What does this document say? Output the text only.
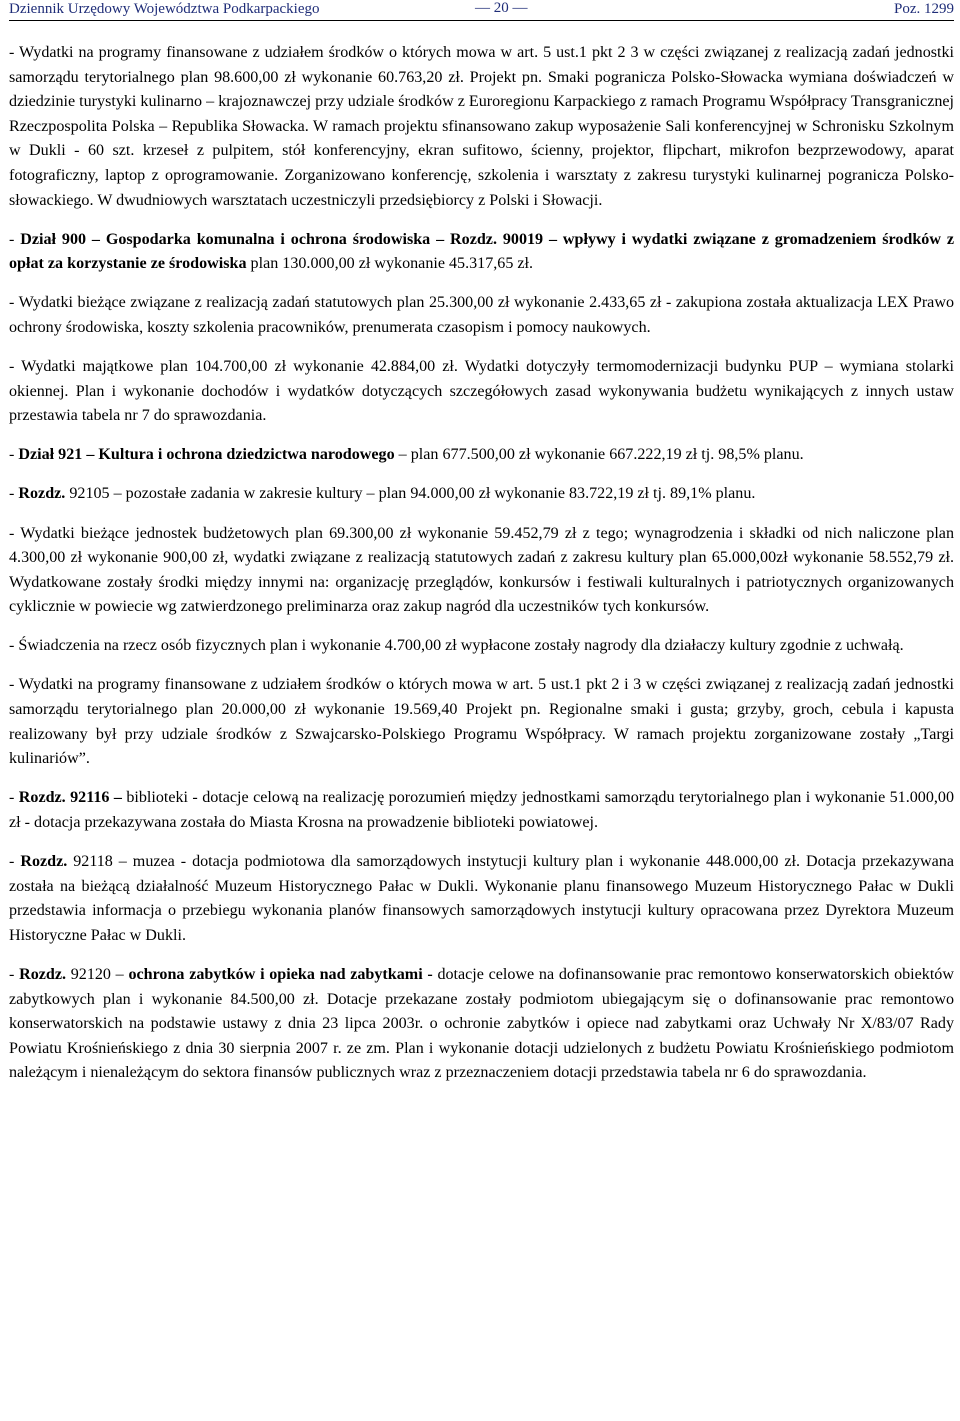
Dziennik Urzędowy Województwa Podkarpackiego	— 20 —	Poz. 1299

- Wydatki na programy finansowane z udziałem środków o których mowa w art. 5 ust.1 pkt 2 3 w części związanej z realizacją zadań jednostki samorządu terytorialnego plan 98.600,00 zł wykonanie 60.763,20 zł. Projekt pn. Smaki pogranicza Polsko-Słowacka wymiana doświadczeń w dziedzinie turystyki kulinarno – krajoznawczej przy udziale środków z Euroregionu Karpackiego z ramach Programu Współpracy Transgranicznej Rzeczpospolita Polska – Republika Słowacka. W ramach projektu sfinansowano zakup wyposażenie Sali konferencyjnej w Schronisku Szkolnym w Dukli - 60 szt. krzeseł z pulpitem, stół konferencyjny, ekran sufitowo, ścienny, projektor, flipchart, mikrofon bezprzewodowy, aparat fotograficzny, laptop z oprogramowanie. Zorganizowano konferencję, szkolenia i warsztaty z zakresu turystyki kulinarnej pogranicza Polsko- słowackiego. W dwudniowych warsztatach uczestniczyli przedsiębiorcy z Polski i Słowacji.

- Dział 900 – Gospodarka komunalna i ochrona środowiska – Rozdz. 90019 – wpływy i wydatki związane z gromadzeniem środków z opłat za korzystanie ze środowiska plan 130.000,00 zł wykonanie 45.317,65 zł.

- Wydatki bieżące związane z realizacją zadań statutowych plan 25.300,00 zł wykonanie 2.433,65 zł - zakupiona została aktualizacja LEX Prawo ochrony środowiska, koszty szkolenia pracowników, prenumerata czasopism i pomocy naukowych.

- Wydatki majątkowe plan 104.700,00 zł wykonanie 42.884,00 zł. Wydatki dotyczyły termomodernizacji budynku PUP – wymiana stolarki okiennej. Plan i wykonanie dochodów i wydatków dotyczących szczegółowych zasad wykonywania budżetu wynikających z innych ustaw przestawia tabela nr 7 do sprawozdania.

- Dział 921 – Kultura i ochrona dziedzictwa narodowego – plan 677.500,00 zł wykonanie 667.222,19 zł tj. 98,5% planu.

- Rozdz. 92105 – pozostałe zadania w zakresie kultury – plan 94.000,00 zł wykonanie 83.722,19 zł tj. 89,1% planu.

- Wydatki bieżące jednostek budżetowych plan 69.300,00 zł wykonanie 59.452,79 zł z tego; wynagrodzenia i składki od nich naliczone plan 4.300,00 zł wykonanie 900,00 zł, wydatki związane z realizacją statutowych zadań z zakresu kultury plan 65.000,00zł wykonanie 58.552,79 zł. Wydatkowane zostały środki między innymi na: organizację przeglądów, konkursów i festiwali kulturalnych i patriotycznych organizowanych cyklicznie w powiecie wg zatwierdzonego preliminarza oraz zakup nagród dla uczestników tych konkursów.

- Świadczenia na rzecz osób fizycznych plan i wykonanie 4.700,00 zł wypłacone zostały nagrody dla działaczy kultury zgodnie z uchwałą.

- Wydatki na programy finansowane z udziałem środków o których mowa w art. 5 ust.1 pkt 2 i 3 w części związanej z realizacją zadań jednostki samorządu terytorialnego plan 20.000,00 zł wykonanie 19.569,40 Projekt pn. Regionalne smaki i gusta; grzyby, groch, cebula i kapusta realizowany był przy udziale środków z Szwajcarsko-Polskiego Programu Współpracy. W ramach projektu zorganizowane zostały „Targi kulinariów”.

- Rozdz. 92116 – biblioteki - dotacje celową na realizację porozumień między jednostkami samorządu terytorialnego plan i wykonanie 51.000,00 zł - dotacja przekazywana została do Miasta Krosna na prowadzenie biblioteki powiatowej.

- Rozdz. 92118 – muzea - dotacja podmiotowa dla samorządowych instytucji kultury plan i wykonanie 448.000,00 zł. Dotacja przekazywana została na bieżącą działalność Muzeum Historycznego Pałac w Dukli. Wykonanie planu finansowego Muzeum Historycznego Pałac w Dukli przedstawia informacja o przebiegu wykonania planów finansowych samorządowych instytucji kultury opracowana przez Dyrektora Muzeum Historyczne Pałac w Dukli.

- Rozdz. 92120 – ochrona zabytków i opieka nad zabytkami - dotacje celowe na dofinansowanie prac remontowo konserwatorskich obiektów zabytkowych plan i wykonanie 84.500,00 zł. Dotacje przekazane zostały podmiotom ubiegającym się o dofinansowanie prac remontowo konserwatorskich na podstawie ustawy z dnia 23 lipca 2003r. o ochronie zabytków i opiece nad zabytkami oraz Uchwały Nr X/83/07 Rady Powiatu Krośnieńskiego z dnia 30 sierpnia 2007 r. ze zm. Plan i wykonanie dotacji udzielonych z budżetu Powiatu Krośnieńskiego podmiotom należącym i nienależącym do sektora finansów publicznych wraz z przeznaczeniem dotacji przedstawia tabela nr 6 do sprawozdania.
